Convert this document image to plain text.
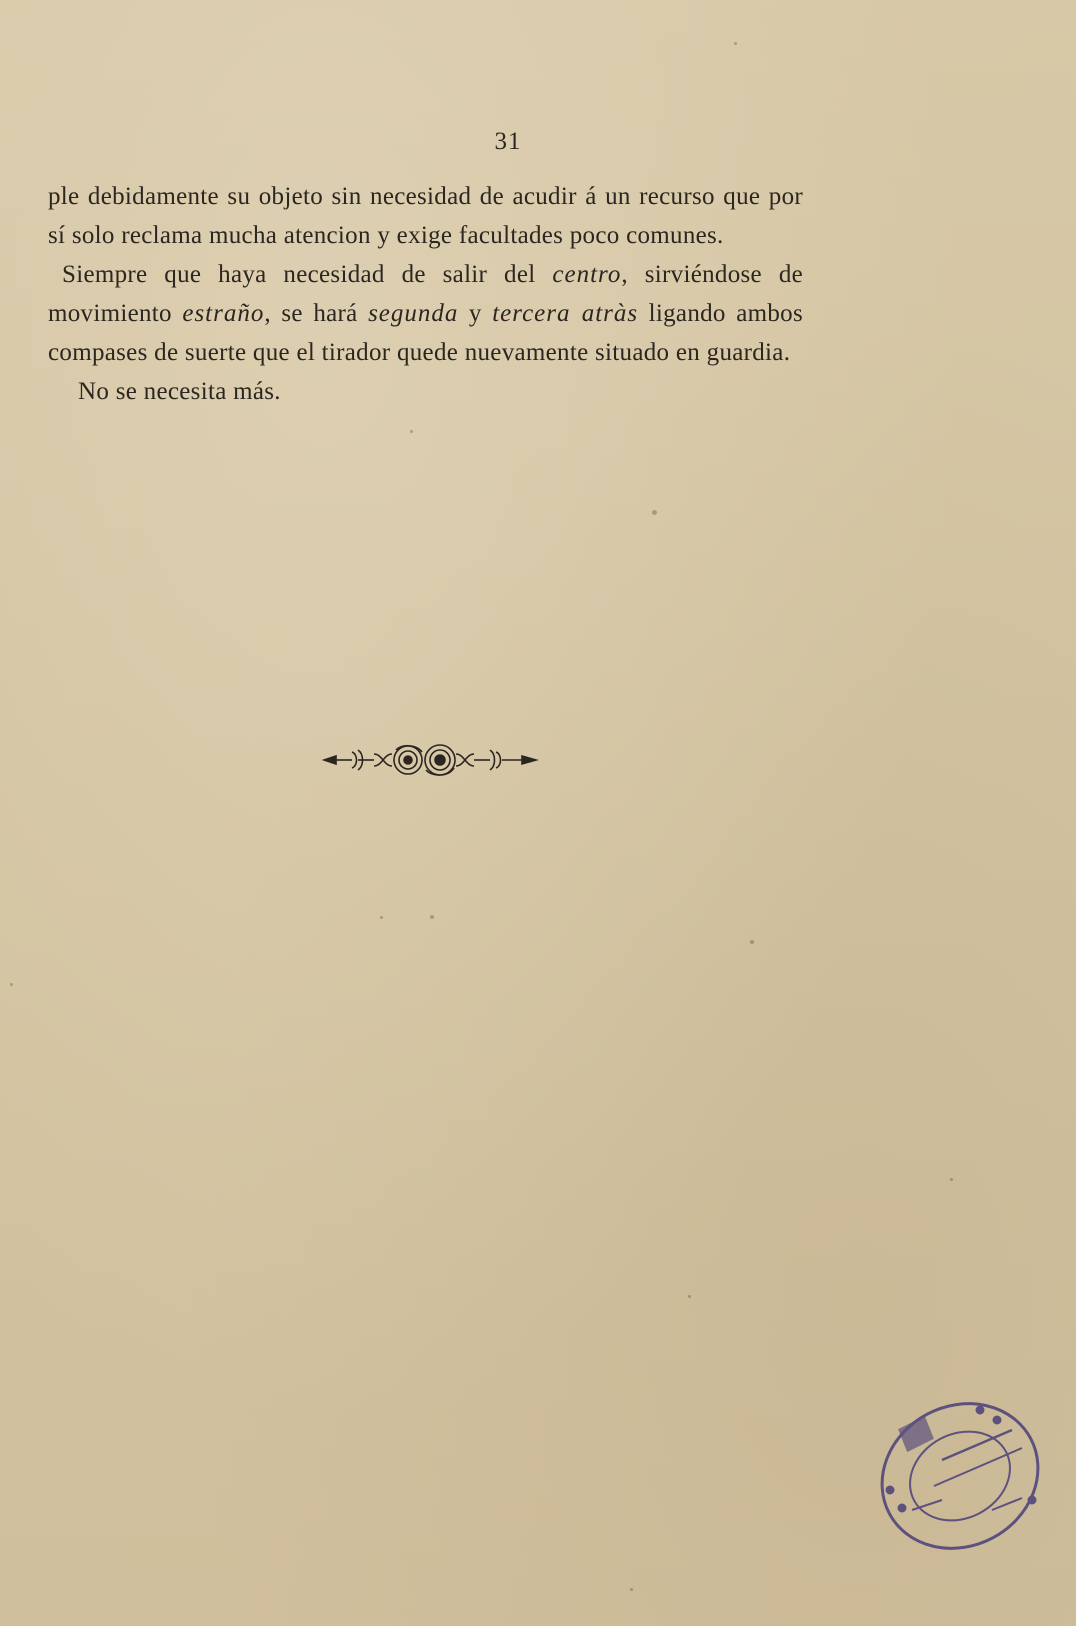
31

ple debidamente su objeto sin necesidad de acudir á un recurso que por sí solo reclama mucha atencion y exige facultades poco comunes.

Siempre que haya necesidad de salir del centro, sirviéndose de movimiento estraño, se hará segunda y tercera atràs ligando ambos compases de suerte que el tirador quede nuevamente situado en guardia.

No se necesita más.
